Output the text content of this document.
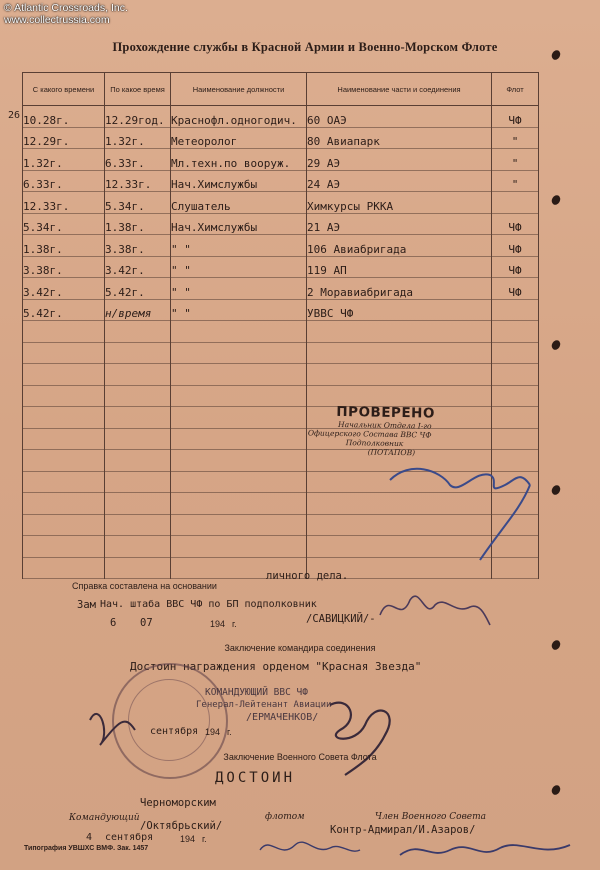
© Atlantic Crossroads, Inc.
www.collectrussia.com
Прохождение службы в Красной Армии и Военно-Морском Флоте
26
С какого времени	По какое время	Наименование должности	Наименование части и соединения	Флот
10.28г.	12.29год.	Краснофл.одногодич.	60 ОАЭ	ЧФ
12.29г.	1.32г.	Метеоролог	80 Авиапарк	"
1.32г.	6.33г.	Мл.техн.по вооруж.	29 АЭ	"
6.33г.	12.33г.	Нач.Химслужбы	24 АЭ	"
12.33г.	5.34г.	Слушатель	Химкурсы РККА	
5.34г.	1.38г.	Нач.Химслужбы	21 АЭ	ЧФ
1.38г.	3.38г.	" "	106 Авиабригада	ЧФ
3.38г.	3.42г.	" "	119 АП	ЧФ
3.42г.	5.42г.	" "	2 Моравиабригада	ЧФ
5.42г.	н/время	" "	УВВС ЧФ	

ПРОВЕРЕНО
Начальник Отдела I-го
Офицерского Состава ВВС ЧФ
Подполковник
(ПОТАПОВ)
Справка составлена на основании
личного дела.
Зам Нач. штаба ВВС ЧФ по БП подполковник
/САВИЦКИЙ/-
6 07	194 г.
Заключение командира соединения
Достоин награждения орденом "Красная Звезда"
КОМАНДУЮЩИЙ ВВС ЧФ
Генерал-Лейтенант Авиации
/ЕРМАЧЕНКОВ/
сентября 194 г.
Заключение Военного Совета Флота
ДОСТОИН
Черноморским
Командующий	флотом
/Октябрьский/
4 сентября	194 г.
Член Военного Совета
Контр-Адмирал/И.Азаров/
Типография УВШХС ВМФ. Зак. 1457
